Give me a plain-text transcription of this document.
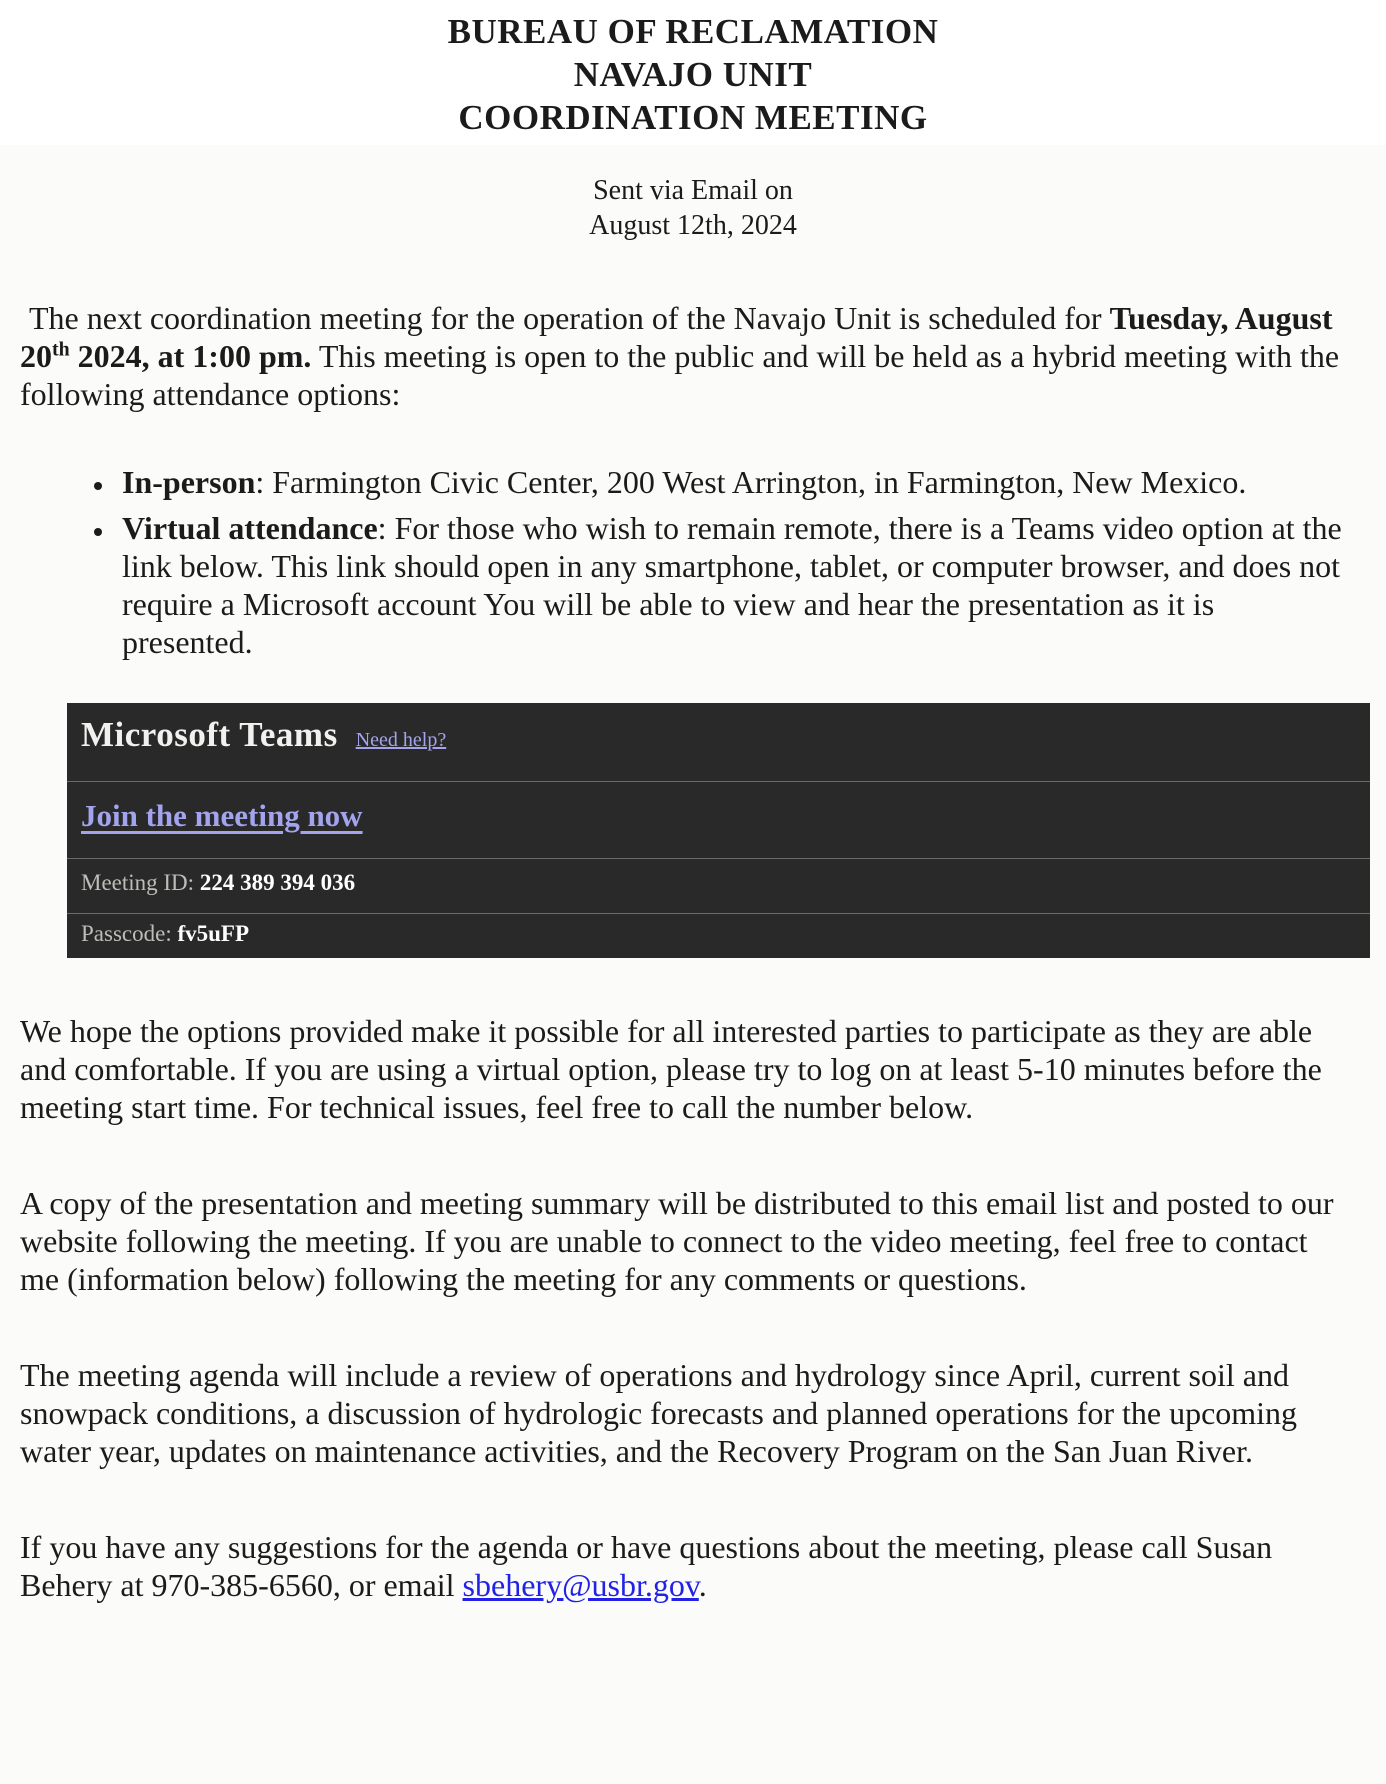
BUREAU OF RECLAMATION
NAVAJO UNIT
COORDINATION MEETING
Sent via Email on
August 12th, 2024

The next coordination meeting for the operation of the Navajo Unit is scheduled for Tuesday, August 20th 2024, at 1:00 pm. This meeting is open to the public and will be held as a hybrid meeting with the following attendance options:

• In-person: Farmington Civic Center, 200 West Arrington, in Farmington, New Mexico.
• Virtual attendance: For those who wish to remain remote, there is a Teams video option at the link below. This link should open in any smartphone, tablet, or computer browser, and does not require a Microsoft account You will be able to view and hear the presentation as it is presented.
Microsoft Teams Need help?
Join the meeting now
Meeting ID: 224 389 394 036
Passcode: fv5uFP

We hope the options provided make it possible for all interested parties to participate as they are able and comfortable. If you are using a virtual option, please try to log on at least 5-10 minutes before the meeting start time. For technical issues, feel free to call the number below.

A copy of the presentation and meeting summary will be distributed to this email list and posted to our website following the meeting. If you are unable to connect to the video meeting, feel free to contact me (information below) following the meeting for any comments or questions.

The meeting agenda will include a review of operations and hydrology since April, current soil and snowpack conditions, a discussion of hydrologic forecasts and planned operations for the upcoming water year, updates on maintenance activities, and the Recovery Program on the San Juan River.

If you have any suggestions for the agenda or have questions about the meeting, please call Susan Behery at 970-385-6560, or email sbehery@usbr.gov.
